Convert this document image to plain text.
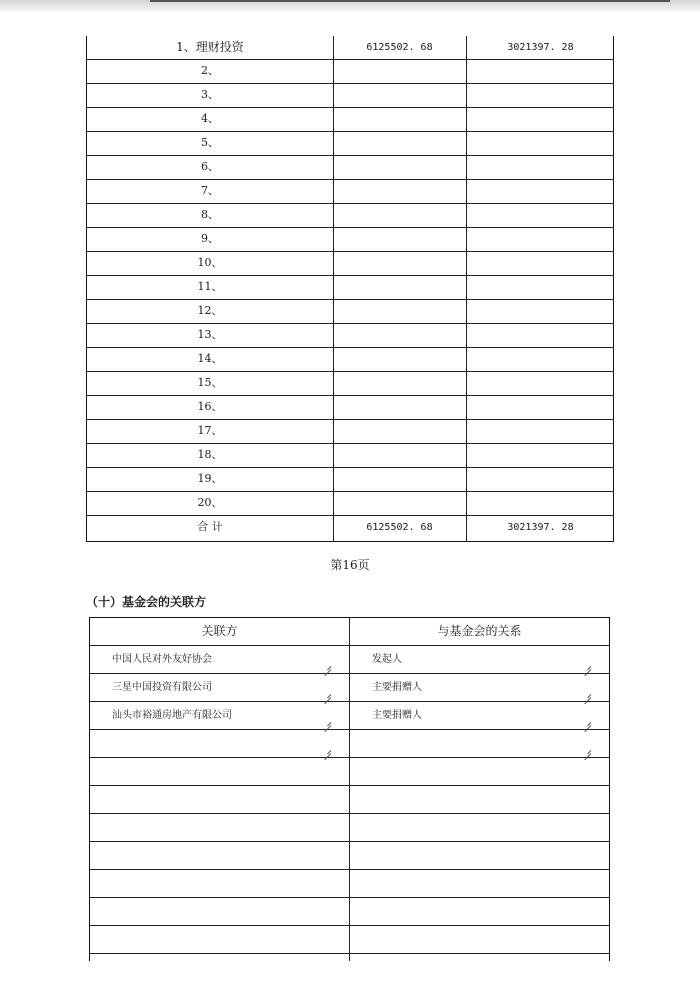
1、理财投资	6125502. 68	3021397. 28
2、
3、
4、
5、
6、
7、
8、
9、
10、
11、
12、
13、
14、
15、
16、
17、
18、
19、
20、
合 计	6125502. 68	3021397. 28
第16页
（十）基金会的关联方
关联方	与基金会的关系
中国人民对外友好协会	发起人
三星中国投资有限公司	主要捐赠人
汕头市裕通房地产有限公司	主要捐赠人
